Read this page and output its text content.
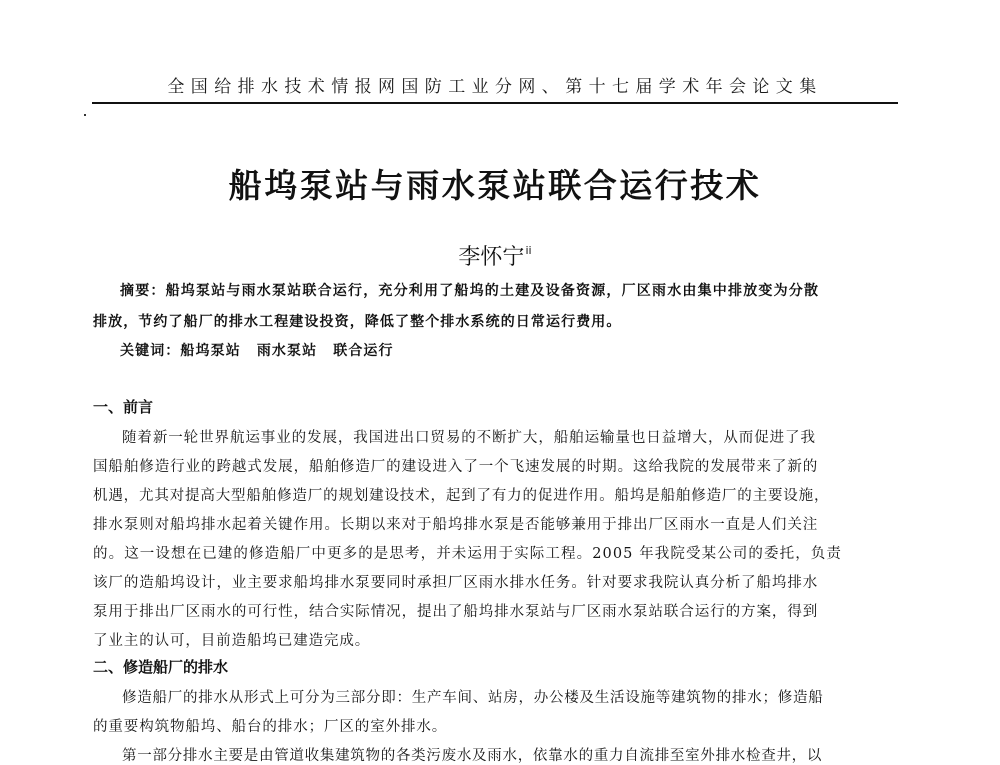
全国给排水技术情报网国防工业分网、第十七届学术年会论文集
船坞泵站与雨水泵站联合运行技术
李怀宁$^{ii}$
摘要：船坞泵站与雨水泵站联合运行，充分利用了船坞的土建及设备资源，厂区雨水由集中排放变为分散
排放，节约了船厂的排水工程建设投资，降低了整个排水系统的日常运行费用。
关键词：船坞泵站 雨水泵站 联合运行
一、前言
随着新一轮世界航运事业的发展，我国进出口贸易的不断扩大，船舶运输量也日益增大，从而促进了我
国船舶修造行业的跨越式发展，船舶修造厂的建设进入了一个飞速发展的时期。这给我院的发展带来了新的
机遇，尤其对提高大型船舶修造厂的规划建设技术，起到了有力的促进作用。船坞是船舶修造厂的主要设施，
排水泵则对船坞排水起着关键作用。长期以来对于船坞排水泵是否能够兼用于排出厂区雨水一直是人们关注
的。这一设想在已建的修造船厂中更多的是思考，并未运用于实际工程。2005 年我院受某公司的委托，负责
该厂的造船坞设计，业主要求船坞排水泵要同时承担厂区雨水排水任务。针对要求我院认真分析了船坞排水
泵用于排出厂区雨水的可行性，结合实际情况，提出了船坞排水泵站与厂区雨水泵站联合运行的方案，得到
了业主的认可，目前造船坞已建造完成。
二、修造船厂的排水
修造船厂的排水从形式上可分为三部分即：生产车间、站房，办公楼及生活设施等建筑物的排水；修造船
的重要构筑物船坞、船台的排水；厂区的室外排水。
第一部分排水主要是由管道收集建筑物的各类污废水及雨水，依靠水的重力自流排至室外排水检查井，以
